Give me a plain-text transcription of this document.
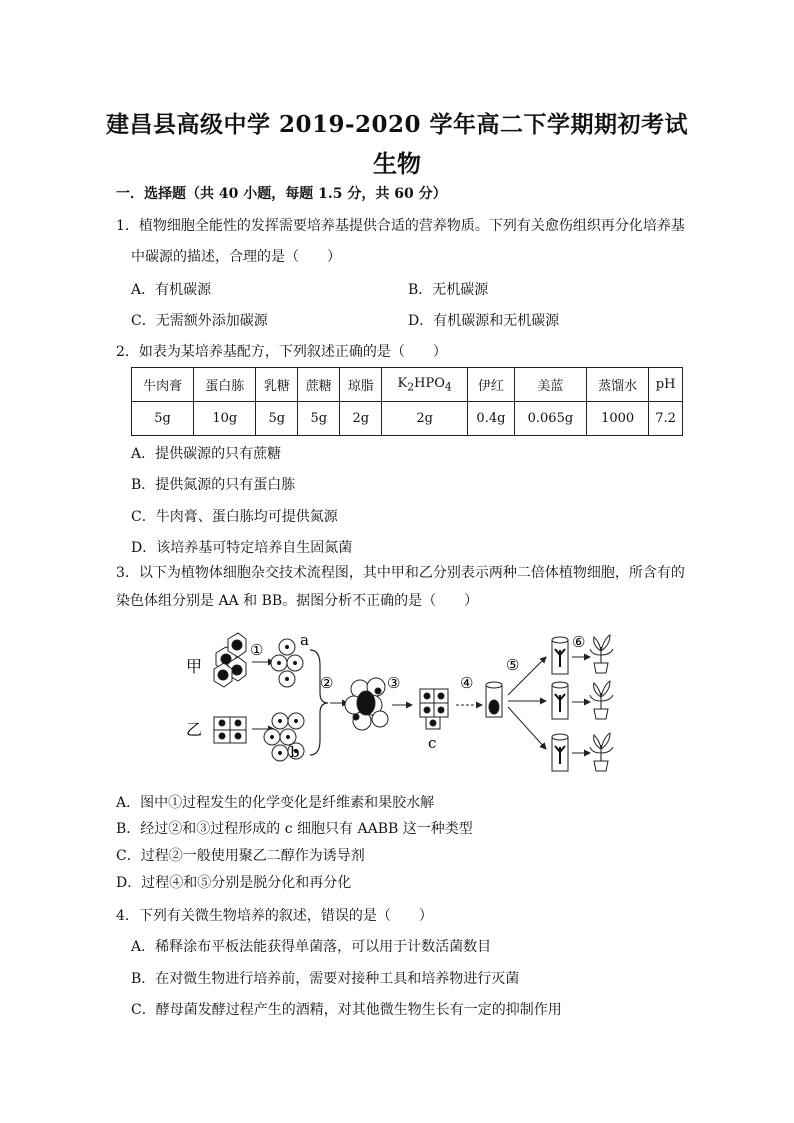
建昌县高级中学 2019-2020 学年高二下学期期初考试
生物
一．选择题（共 40 小题，每题 1.5 分，共 60 分）
1．植物细胞全能性的发挥需要培养基提供合适的营养物质。下列有关愈伤组织再分化培养基
中碳源的描述，合理的是（　　）
A．有机碳源	B．无机碳源
C．无需额外添加碳源	D．有机碳源和无机碳源
2．如表为某培养基配方，下列叙述正确的是（　　）
牛肉膏	蛋白胨	乳糖	蔗糖	琼脂	$K_2HPO_4$	伊红	美蓝	蒸馏水	pH
5g	10g	5g	5g	2g	2g	0.4g	0.065g	1000	7.2
A．提供碳源的只有蔗糖
B．提供氮源的只有蛋白胨
C．牛肉膏、蛋白胨均可提供氮源
D．该培养基可特定培养自生固氮菌
3．以下为植物体细胞杂交技术流程图，其中甲和乙分别表示两种二倍体植物细胞，所含有的
染色体组分别是 AA 和 BB。据图分析不正确的是（　　）
甲
乙
①
a
b
②	③
c
④
⑤
⑥
A．图中①过程发生的化学变化是纤维素和果胶水解
B．经过②和③过程形成的 c 细胞只有 AABB 这一种类型
C．过程②一般使用聚乙二醇作为诱导剂
D．过程④和⑤分别是脱分化和再分化
4．下列有关微生物培养的叙述，错误的是（　　）
A．稀释涂布平板法能获得单菌落，可以用于计数活菌数目
B．在对微生物进行培养前，需要对接种工具和培养物进行灭菌
C．酵母菌发酵过程产生的酒精，对其他微生物生长有一定的抑制作用
